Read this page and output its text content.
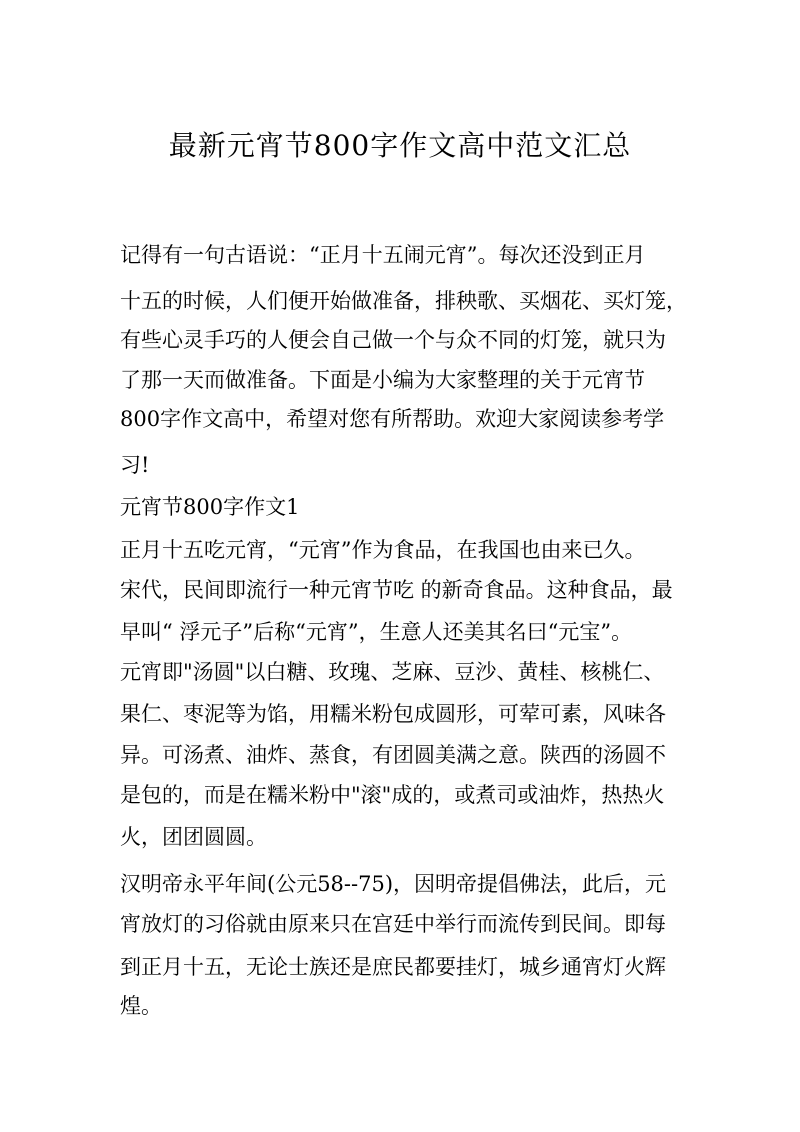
最新元宵节800字作文高中范文汇总
记得有一句古语说：“正月十五闹元宵”。每次还没到正月
十五的时候，人们便开始做准备，排秧歌、买烟花、买灯笼，
有些心灵手巧的人便会自己做一个与众不同的灯笼，就只为
了那一天而做准备。下面是小编为大家整理的关于元宵节
800字作文高中，希望对您有所帮助。欢迎大家阅读参考学
习!
元宵节800字作文1
正月十五吃元宵，“元宵”作为食品，在我国也由来已久。
宋代，民间即流行一种元宵节吃 的新奇食品。这种食品，最
早叫“ 浮元子”后称“元宵”，生意人还美其名曰“元宝”。
元宵即"汤圆"以白糖、玫瑰、芝麻、豆沙、黄桂、核桃仁、
果仁、枣泥等为馅，用糯米粉包成圆形，可荤可素，风味各
异。可汤煮、油炸、蒸食，有团圆美满之意。陕西的汤圆不
是包的，而是在糯米粉中"滚"成的，或煮司或油炸，热热火
火，团团圆圆。
汉明帝永平年间(公元58--75)，因明帝提倡佛法，此后，元
宵放灯的习俗就由原来只在宫廷中举行而流传到民间。即每
到正月十五，无论士族还是庶民都要挂灯，城乡通宵灯火辉
煌。
